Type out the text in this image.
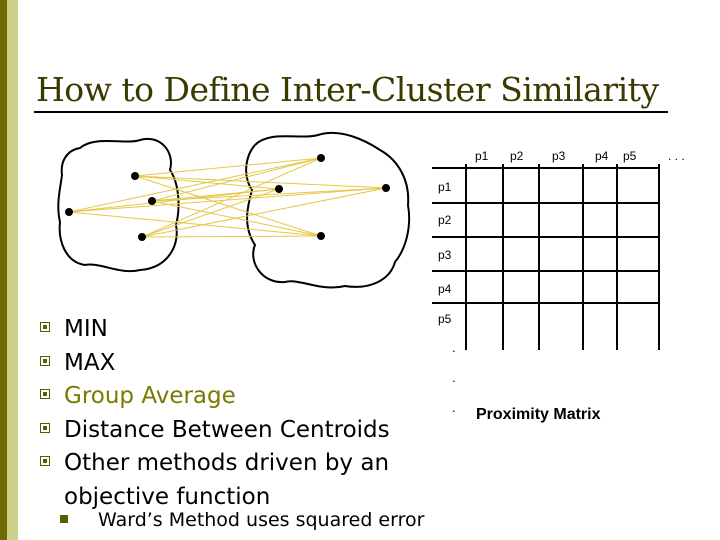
How to Define Inter-Cluster Similarity
p1 p2 p3 p4 p5	. . .
p1
p2
p3
p4
p5
.
.
. Proximity Matrix
MIN
MAX
Group Average
Distance Between Centroids
Other methods driven by an objective function
Ward’s Method uses squared error
